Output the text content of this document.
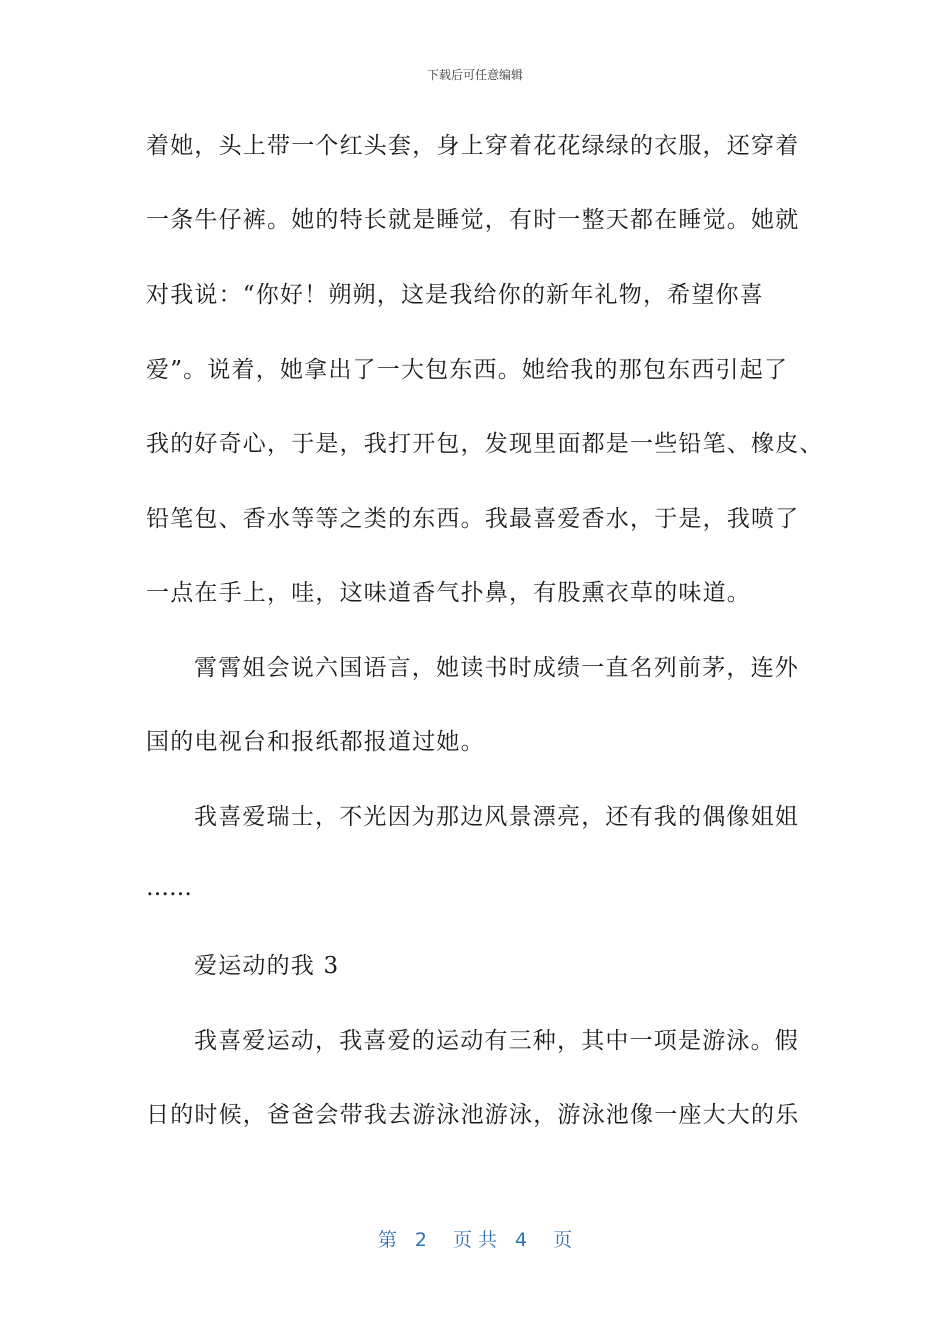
下载后可任意编辑
着她，头上带一个红头套，身上穿着花花绿绿的衣服，还穿着
一条牛仔裤。她的特长就是睡觉，有时一整天都在睡觉。她就
对我说：“你好！朔朔，这是我给你的新年礼物，希望你喜
爱”。说着，她拿出了一大包东西。她给我的那包东西引起了
我的好奇心，于是，我打开包，发现里面都是一些铅笔、橡皮、
铅笔包、香水等等之类的东西。我最喜爱香水，于是，我喷了
一点在手上，哇，这味道香气扑鼻，有股熏衣草的味道。
霄霄姐会说六国语言，她读书时成绩一直名列前茅，连外
国的电视台和报纸都报道过她。
我喜爱瑞士，不光因为那边风景漂亮，还有我的偶像姐姐
……
爱运动的我 3
我喜爱运动，我喜爱的运动有三种，其中一项是游泳。假
日的时候，爸爸会带我去游泳池游泳，游泳池像一座大大的乐
第 2 页 共 4 页
